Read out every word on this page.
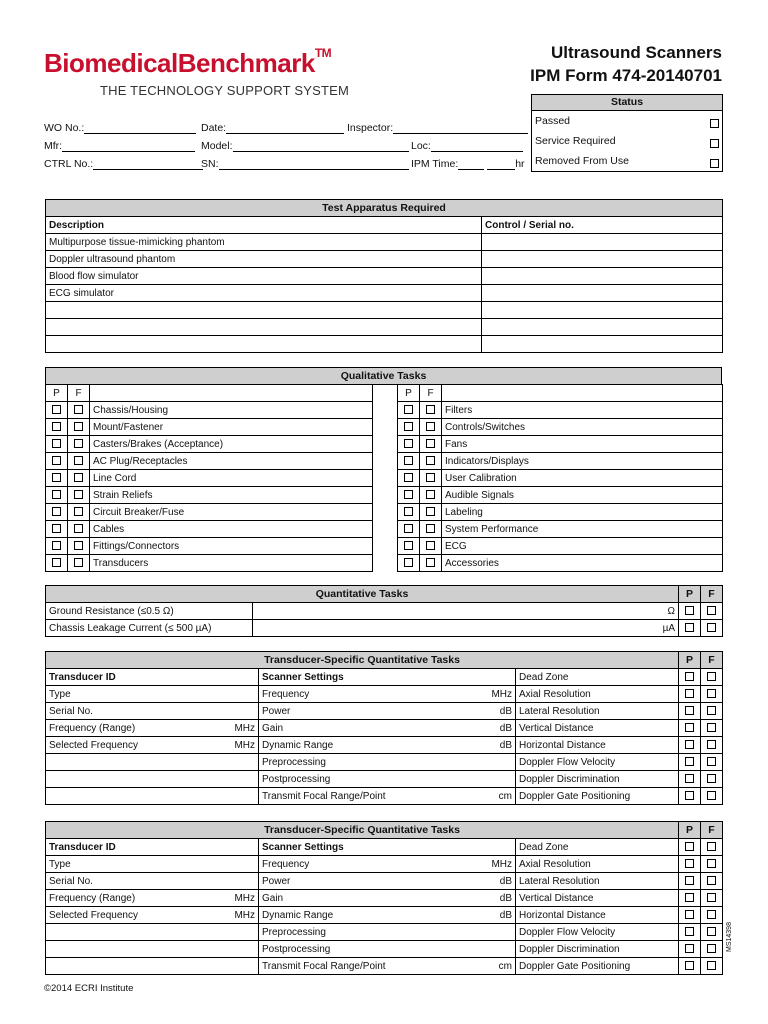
BiomedicalBenchmark™
THE TECHNOLOGY SUPPORT SYSTEM
Ultrasound Scanners
IPM Form 474-20140701
WO No.:	Date:	Inspector:
Mfr:	Model:	Loc:
CTRL No.:	SN:	IPM Time:	hr
Status
Passed

Service Required

Removed From Use
Test Apparatus Required	
Description	Control / Serial no.
Multipurpose tissue-mimicking phantom	
Doppler ultrasound phantom	
Blood flow simulator	
ECG simulator	

Qualitative Tasks
P	F	
		Chassis/Housing
		Mount/Fastener
		Casters/Brakes (Acceptance)
		AC Plug/Receptacles
		Line Cord
		Strain Reliefs
		Circuit Breaker/Fuse
		Cables
		Fittings/Connectors
		Transducers
P	F	
		Filters
		Controls/Switches
		Fans
		Indicators/Displays
		User Calibration
		Audible Signals
		Labeling
		System Performance
		ECG
		Accessories
Quantitative Tasks		P	F
Ground Resistance (≤0.5 Ω)	Ω		
Chassis Leakage Current (≤ 500 µA)	µA		
Transducer-Specific Quantitative Tasks			P	F
Transducer ID	Scanner Settings	Dead Zone		
Type	Frequency MHz	Axial Resolution		
Serial No.	Power dB	Lateral Resolution		
Frequency (Range) MHz	Gain dB	Vertical Distance		
Selected Frequency MHz	Dynamic Range dB	Horizontal Distance		

	Preprocessing	Doppler Flow Velocity		

	Postprocessing	Doppler Discrimination		

	Transmit Focal Range/Point cm	Doppler Gate Positioning		
Transducer-Specific Quantitative Tasks			P	F
Transducer ID	Scanner Settings	Dead Zone		
Type	Frequency MHz	Axial Resolution		
Serial No.	Power dB	Lateral Resolution		
Frequency (Range) MHz	Gain dB	Vertical Distance		
Selected Frequency MHz	Dynamic Range dB	Horizontal Distance		

	Preprocessing	Doppler Flow Velocity		

	Postprocessing	Doppler Discrimination		

	Transmit Focal Range/Point cm	Doppler Gate Positioning		
©2014 ECRI Institute
MS14398
